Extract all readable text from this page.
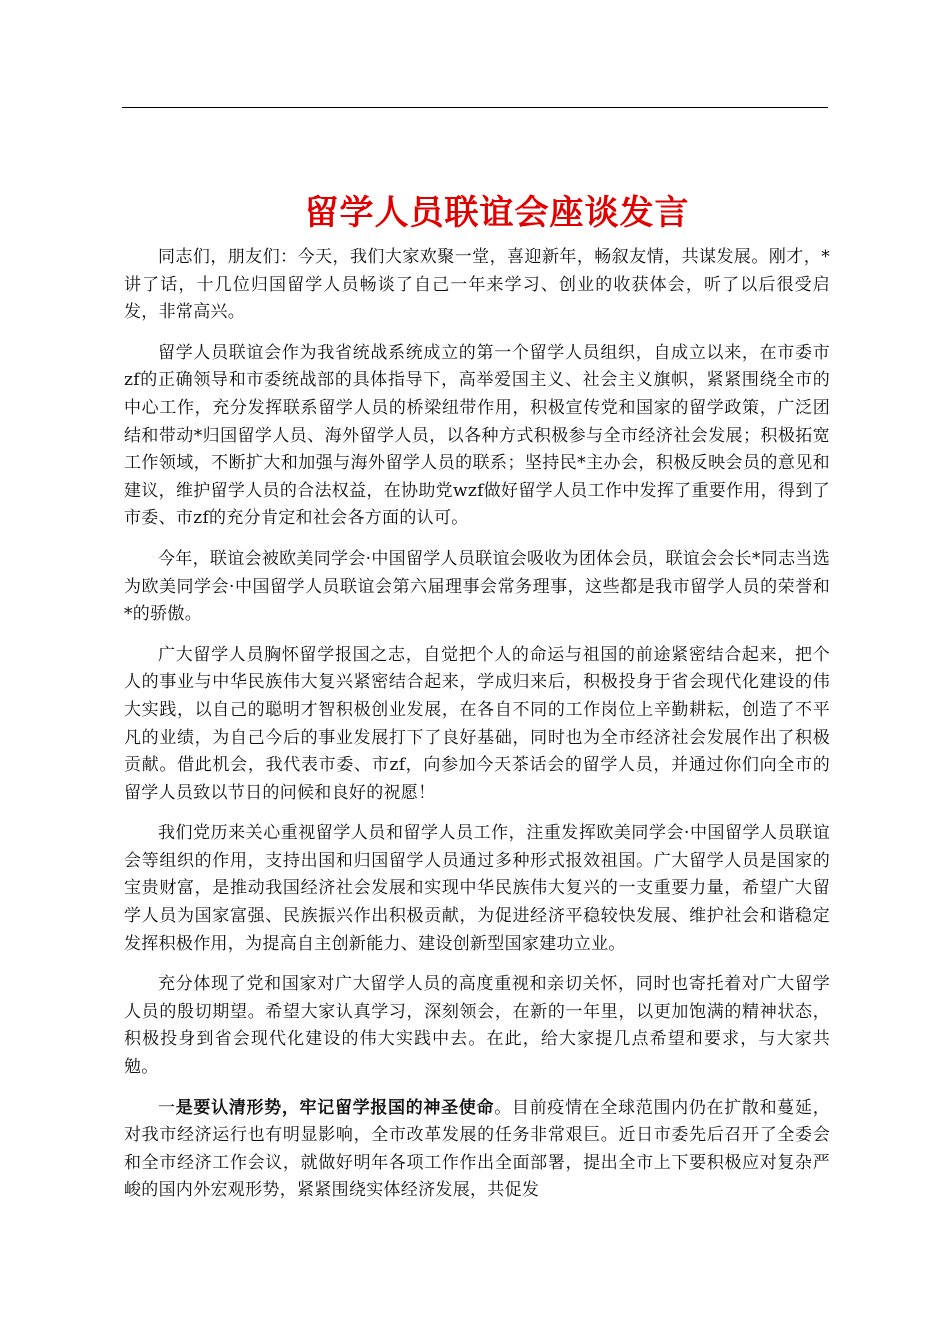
留学人员联谊会座谈发言

同志们，朋友们：今天，我们大家欢聚一堂，喜迎新年，畅叙友情，共谋发展。刚才，*讲了话，十几位归国留学人员畅谈了自己一年来学习、创业的收获体会，听了以后很受启发，非常高兴。

留学人员联谊会作为我省统战系统成立的第一个留学人员组织，自成立以来，在市委市zf的正确领导和市委统战部的具体指导下，高举爱国主义、社会主义旗帜，紧紧围绕全市的中心工作，充分发挥联系留学人员的桥梁纽带作用，积极宣传党和国家的留学政策，广泛团结和带动*归国留学人员、海外留学人员，以各种方式积极参与全市经济社会发展；积极拓宽工作领域，不断扩大和加强与海外留学人员的联系；坚持民*主办会，积极反映会员的意见和建议，维护留学人员的合法权益，在协助党wzf做好留学人员工作中发挥了重要作用，得到了市委、市zf的充分肯定和社会各方面的认可。

今年，联谊会被欧美同学会·中国留学人员联谊会吸收为团体会员，联谊会会长*同志当选为欧美同学会·中国留学人员联谊会第六届理事会常务理事，这些都是我市留学人员的荣誉和*的骄傲。

广大留学人员胸怀留学报国之志，自觉把个人的命运与祖国的前途紧密结合起来，把个人的事业与中华民族伟大复兴紧密结合起来，学成归来后，积极投身于省会现代化建设的伟大实践，以自己的聪明才智积极创业发展，在各自不同的工作岗位上辛勤耕耘，创造了不平凡的业绩，为自己今后的事业发展打下了良好基础，同时也为全市经济社会发展作出了积极贡献。借此机会，我代表市委、市zf，向参加今天茶话会的留学人员，并通过你们向全市的留学人员致以节日的问候和良好的祝愿！

我们党历来关心重视留学人员和留学人员工作，注重发挥欧美同学会·中国留学人员联谊会等组织的作用，支持出国和归国留学人员通过多种形式报效祖国。广大留学人员是国家的宝贵财富，是推动我国经济社会发展和实现中华民族伟大复兴的一支重要力量，希望广大留学人员为国家富强、民族振兴作出积极贡献，为促进经济平稳较快发展、维护社会和谐稳定发挥积极作用，为提高自主创新能力、建设创新型国家建功立业。

充分体现了党和国家对广大留学人员的高度重视和亲切关怀，同时也寄托着对广大留学人员的殷切期望。希望大家认真学习，深刻领会，在新的一年里，以更加饱满的精神状态，积极投身到省会现代化建设的伟大实践中去。在此，给大家提几点希望和要求，与大家共勉。

一是要认清形势，牢记留学报国的神圣使命。目前疫情在全球范围内仍在扩散和蔓延，对我市经济运行也有明显影响，全市改革发展的任务非常艰巨。近日市委先后召开了全委会和全市经济工作会议，就做好明年各项工作作出全面部署，提出全市上下要积极应对复杂严峻的国内外宏观形势，紧紧围绕实体经济发展，共促发
